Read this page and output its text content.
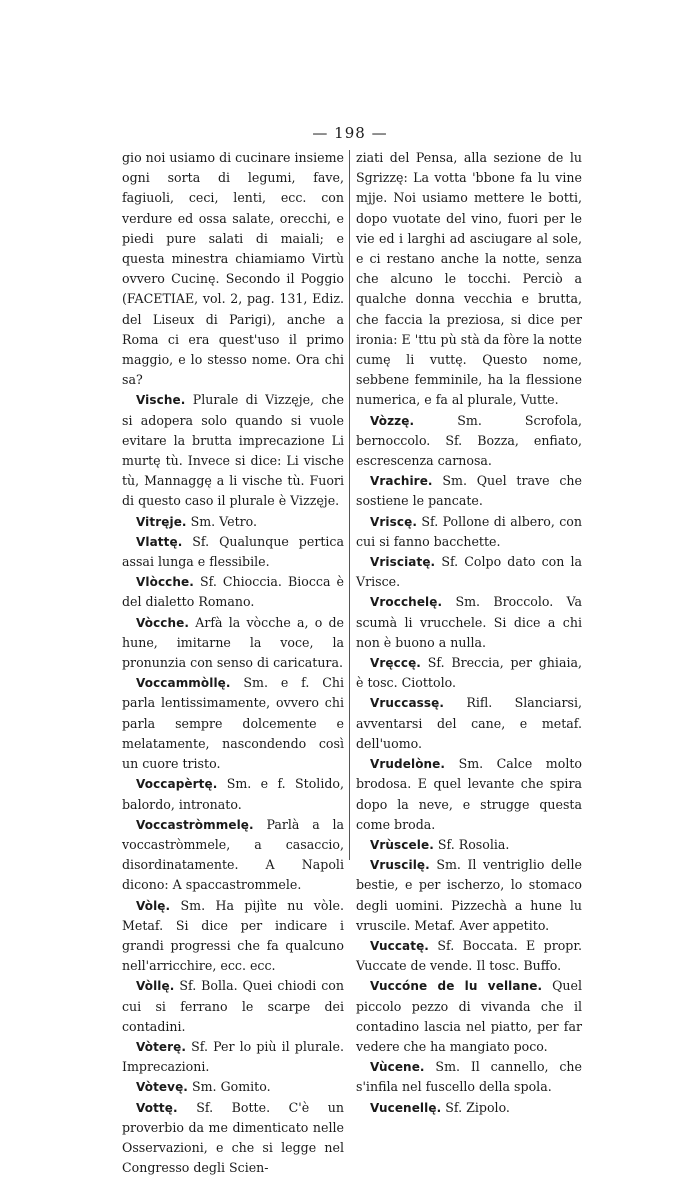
— 198 —

gio noi usiamo di cucinare insieme ogni sorta di legumi, fave, fagiuoli, ceci, lenti, ecc. con verdure ed ossa salate, orecchi, e piedi pure salati di maiali; e questa minestra chiamiamo Virtù ovvero Cucinę. Secondo il Poggio (FACETIAE, vol. 2, pag. 131, Ediz. del Liseux di Parigi), anche a Roma ci era quest'uso il primo maggio, e lo stesso nome. Ora chi sa?

Vische. Plurale di Vizzęje, che si adopera solo quando si vuole evitare la brutta imprecazione Li murtę tù. Invece si dice: Li vische tù, Mannaggę a li vische tù. Fuori di questo caso il plurale è Vizzęje.

Vitręje. Sm. Vetro.

Vlattę. Sf. Qualunque pertica assai lunga e flessibile.

Vlòcche. Sf. Chioccia. Biocca è del dialetto Romano.

Vòcche. Arfà la vòcche a, o de hune, imitarne la voce, la pronunzia con senso di caricatura.

Voccammòllę. Sm. e f. Chi parla lentissimamente, ovvero chi parla sempre dolcemente e melatamente, nascondendo così un cuore tristo.

Voccapèrtę. Sm. e f. Stolido, balordo, intronato.

Voccastròmmelę. Parlà a la voccastròmmele, a casaccio, disordinatamente. A Napoli dicono: A spaccastrommele.

Vòlę. Sm. Ha pijìte nu vòle. Metaf. Si dice per indicare i grandi progressi che fa qualcuno nell'arricchire, ecc. ecc.

Vòllę. Sf. Bolla. Quei chiodi con cui si ferrano le scarpe dei contadini.

Vòterę. Sf. Per lo più il plurale. Imprecazioni.

Vòtevę. Sm. Gomito.

Vottę. Sf. Botte. C'è un proverbio da me dimenticato nelle Osservazioni, e che si legge nel Congresso degli Scien-

ziati del Pensa, alla sezione de lu Sgrizzę: La votta 'bbone fa lu vine mjje. Noi usiamo mettere le botti, dopo vuotate del vino, fuori per le vie ed i larghi ad asciugare al sole, e ci restano anche la notte, senza che alcuno le tocchi. Perciò a qualche donna vecchia e brutta, che faccia la preziosa, si dice per ironia: E 'ttu pù stà da fòre la notte cumę li vuttę. Questo nome, sebbene femminile, ha la flessione numerica, e fa al plurale, Vutte.

Vòzzę. Sm. Scrofola, bernoccolo. Sf. Bozza, enfiato, escrescenza carnosa.

Vrachire. Sm. Quel trave che sostiene le pancate.

Vriscę. Sf. Pollone di albero, con cui si fanno bacchette.

Vrisciatę. Sf. Colpo dato con la Vrisce.

Vrocchelę. Sm. Broccolo. Va scumà li vrucchele. Si dice a chi non è buono a nulla.

Vręccę. Sf. Breccia, per ghiaia, è tosc. Ciottolo.

Vruccassę. Rifl. Slanciarsi, avventarsi del cane, e metaf. dell'uomo.

Vrudelòne. Sm. Calce molto brodosa. E quel levante che spira dopo la neve, e strugge questa come broda.

Vrùscele. Sf. Rosolia.

Vruscilę. Sm. Il ventriglio delle bestie, e per ischerzo, lo stomaco degli uomini. Pizzechà a hune lu vruscile. Metaf. Aver appetito.

Vuccatę. Sf. Boccata. E propr. Vuccate de vende. Il tosc. Buffo.

Vuccóne de lu vellane. Quel piccolo pezzo di vivanda che il contadino lascia nel piatto, per far vedere che ha mangiato poco.

Vùcene. Sm. Il cannello, che s'infila nel fuscello della spola.

Vucenellę. Sf. Zipolo.
